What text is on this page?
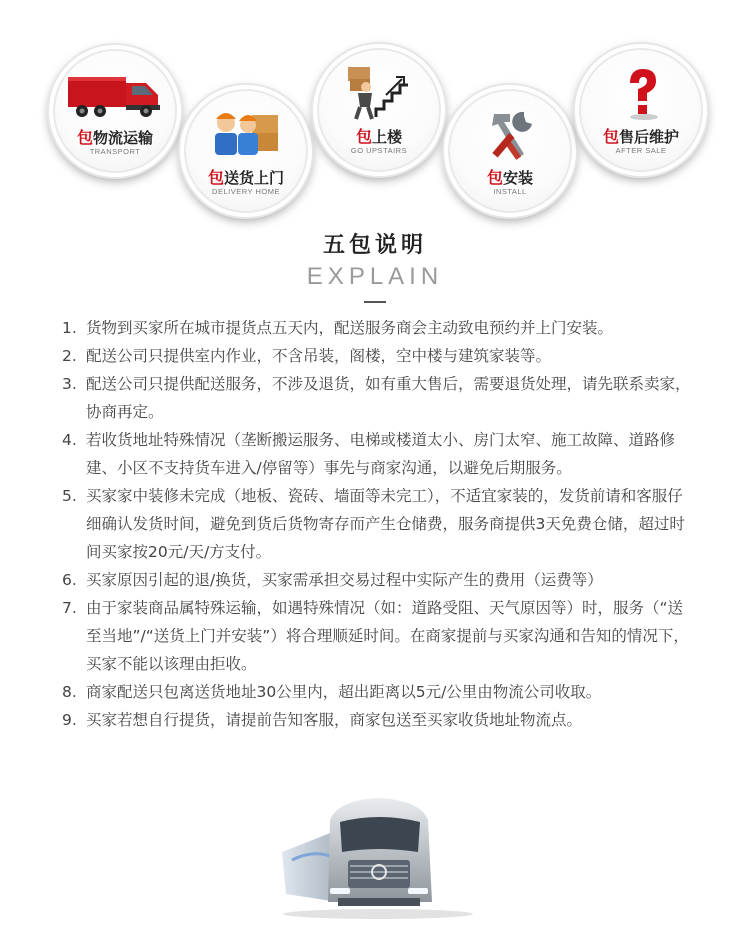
包物流运输
TRANSPORT
包送货上门
DELIVERY HOME
包上楼
GO UPSTAIRS
包安装
INSTALL
包售后维护
AFTER SALE
五包说明
EXPLAIN
1. 货物到买家所在城市提货点五天内，配送服务商会主动致电预约并上门安装。
2. 配送公司只提供室内作业，不含吊装，阁楼，空中楼与建筑家装等。
3. 配送公司只提供配送服务，不涉及退货，如有重大售后，需要退货处理，请先联系卖家，协商再定。
4. 若收货地址特殊情况（垄断搬运服务、电梯或楼道太小、房门太窄、施工故障、道路修建、小区不支持货车进入/停留等）事先与商家沟通，以避免后期服务。
5. 买家家中装修未完成（地板、瓷砖、墙面等未完工），不适宜家装的，发货前请和客服仔细确认发货时间，避免到货后货物寄存而产生仓储费，服务商提供3天免费仓储，超过时间买家按20元/天/方支付。
6. 买家原因引起的退/换货，买家需承担交易过程中实际产生的费用（运费等）
7. 由于家装商品属特殊运输，如遇特殊情况（如：道路受阻、天气原因等）时，服务（“送至当地”/“送货上门并安装”）将合理顺延时间。在商家提前与买家沟通和告知的情况下，买家不能以该理由拒收。
8. 商家配送只包离送货地址30公里内，超出距离以5元/公里由物流公司收取。
9. 买家若想自行提货，请提前告知客服，商家包送至买家收货地址物流点。
